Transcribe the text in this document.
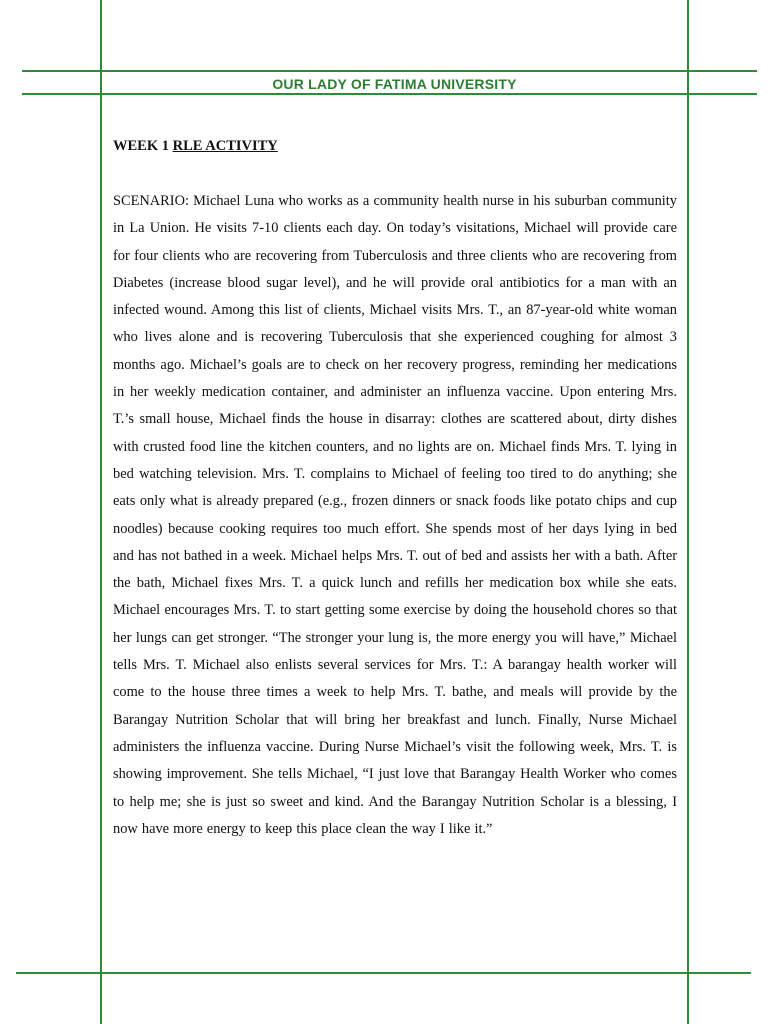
OUR LADY OF FATIMA UNIVERSITY
WEEK 1 RLE ACTIVITY
SCENARIO: Michael Luna who works as a community health nurse in his suburban community in La Union. He visits 7-10 clients each day. On today’s visitations, Michael will provide care for four clients who are recovering from Tuberculosis and three clients who are recovering from Diabetes (increase blood sugar level), and he will provide oral antibiotics for a man with an infected wound. Among this list of clients, Michael visits Mrs. T., an 87-year-old white woman who lives alone and is recovering Tuberculosis that she experienced coughing for almost 3 months ago. Michael’s goals are to check on her recovery progress, reminding her medications in her weekly medication container, and administer an influenza vaccine. Upon entering Mrs. T.’s small house, Michael finds the house in disarray: clothes are scattered about, dirty dishes with crusted food line the kitchen counters, and no lights are on. Michael finds Mrs. T. lying in bed watching television. Mrs. T. complains to Michael of feeling too tired to do anything; she eats only what is already prepared (e.g., frozen dinners or snack foods like potato chips and cup noodles) because cooking requires too much effort. She spends most of her days lying in bed and has not bathed in a week. Michael helps Mrs. T. out of bed and assists her with a bath. After the bath, Michael fixes Mrs. T. a quick lunch and refills her medication box while she eats. Michael encourages Mrs. T. to start getting some exercise by doing the household chores so that her lungs can get stronger. “The stronger your lung is, the more energy you will have,” Michael tells Mrs. T. Michael also enlists several services for Mrs. T.: A barangay health worker will come to the house three times a week to help Mrs. T. bathe, and meals will provide by the Barangay Nutrition Scholar that will bring her breakfast and lunch. Finally, Nurse Michael administers the influenza vaccine. During Nurse Michael’s visit the following week, Mrs. T. is showing improvement. She tells Michael, “I just love that Barangay Health Worker who comes to help me; she is just so sweet and kind. And the Barangay Nutrition Scholar is a blessing, I now have more energy to keep this place clean the way I like it.”
